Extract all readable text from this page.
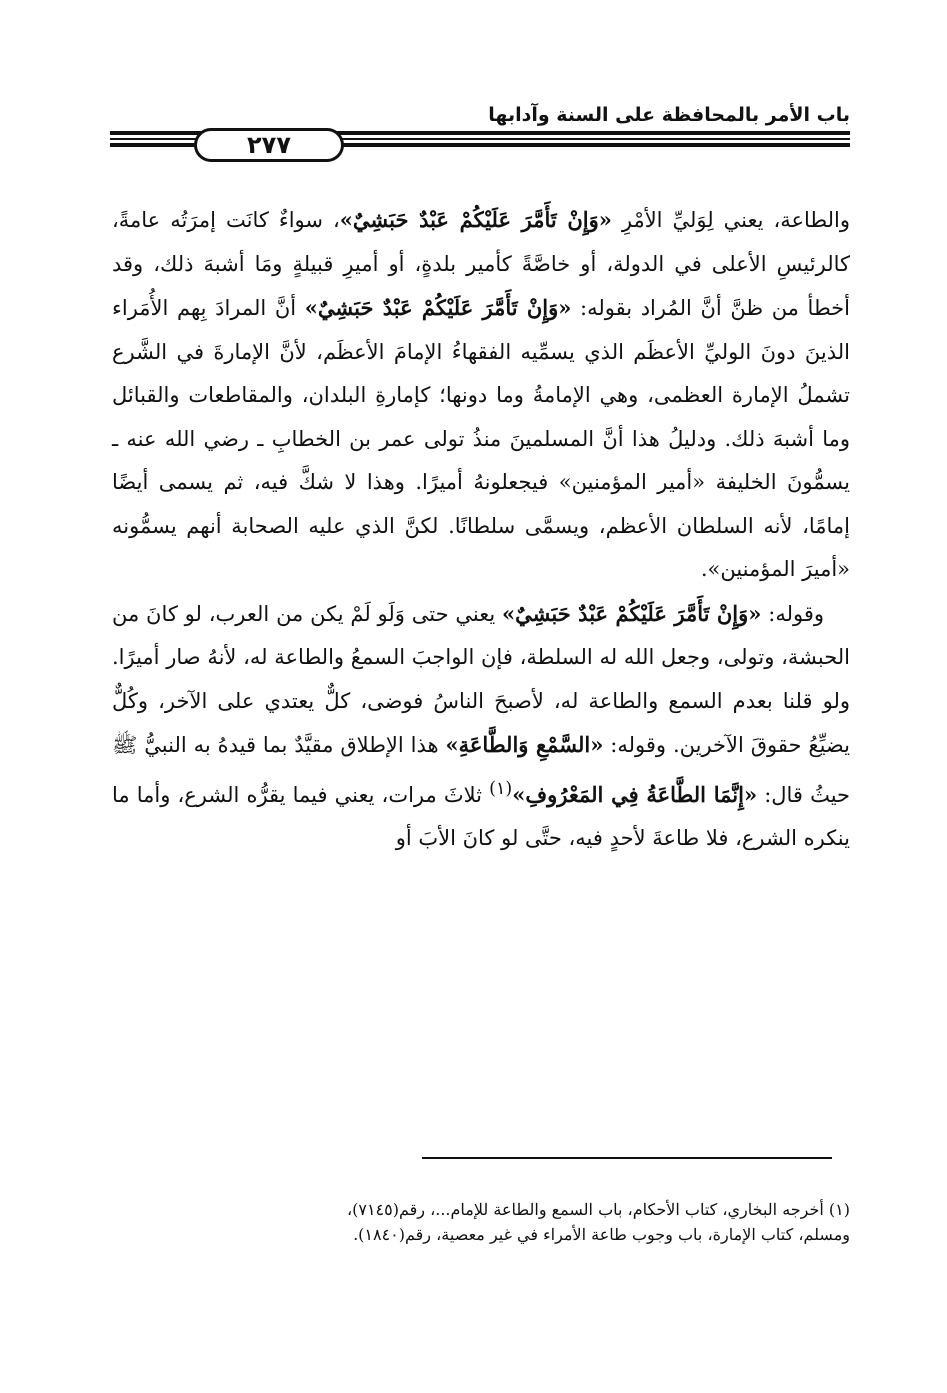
باب الأمر بالمحافظة على السنة وآدابها
٢٧٧

والطاعة، يعني لِوَليِّ الأمْرِ «وَإِنْ تَأَمَّرَ عَلَيْكُمْ عَبْدٌ حَبَشِيٌ»، سواءٌ كانَت إمرَتُه عامةً، كالرئيسِ الأعلى في الدولة، أو خاصَّةً كأمير بلدةٍ، أو أميرِ قبيلةٍ ومَا أشبهَ ذلك، وقد أخطأ من ظنَّ أنَّ المُراد بقوله: «وَإِنْ تَأَمَّرَ عَلَيْكُمْ عَبْدٌ حَبَشِيٌ» أنَّ المرادَ بِهم الأُمَراء الذينَ دونَ الوليِّ الأعظَم الذي يسمِّيه الفقهاءُ الإمامَ الأعظَم، لأنَّ الإمارةَ في الشَّرع تشملُ الإمارة العظمى، وهي الإمامةُ وما دونها؛ كإمارةِ البلدان، والمقاطعات والقبائل وما أشبهَ ذلك. ودليلُ هذا أنَّ المسلمينَ منذُ تولى عمر بن الخطابِ ـ رضي الله عنه ـ يسمُّونَ الخليفة «أمير المؤمنين» فيجعلونهُ أميرًا. وهذا لا شكَّ فيه، ثم يسمى أيضًا إمامًا، لأنه السلطان الأعظم، ويسمَّى سلطانًا. لكنَّ الذي عليه الصحابة أنهم يسمُّونه «أميرَ المؤمنين».

وقوله: «وَإِنْ تَأَمَّرَ عَلَيْكُمْ عَبْدٌ حَبَشِيٌ» يعني حتى وَلَو لَمْ يكن من العرب، لو كانَ من الحبشة، وتولى، وجعل الله له السلطة، فإن الواجبَ السمعُ والطاعة له، لأنهُ صار أميرًا. ولو قلنا بعدم السمع والطاعة له، لأصبحَ الناسُ فوضى، كلٌّ يعتدي على الآخر، وكُلٌّ يضيِّعُ حقوقَ الآخرين. وقوله: «السَّمْعِ وَالطَّاعَةِ» هذا الإطلاق مقيَّدٌ بما قيدهُ به النبيُّ ﷺ حيثُ قال: «إِنَّمَا الطَّاعَةُ فِي المَعْرُوفِ»$^{(١)}$ ثلاثَ مرات، يعني فيما يقرُّه الشرع، وأما ما ينكره الشرع، فلا طاعةَ لأحدٍ فيه، حتَّى لو كانَ الأبَ أو

(١) أخرجه البخاري، كتاب الأحكام، باب السمع والطاعة للإمام...، رقم(٧١٤٥)،
ومسلم، كتاب الإمارة، باب وجوب طاعة الأمراء في غير معصية، رقم(١٨٤٠).
